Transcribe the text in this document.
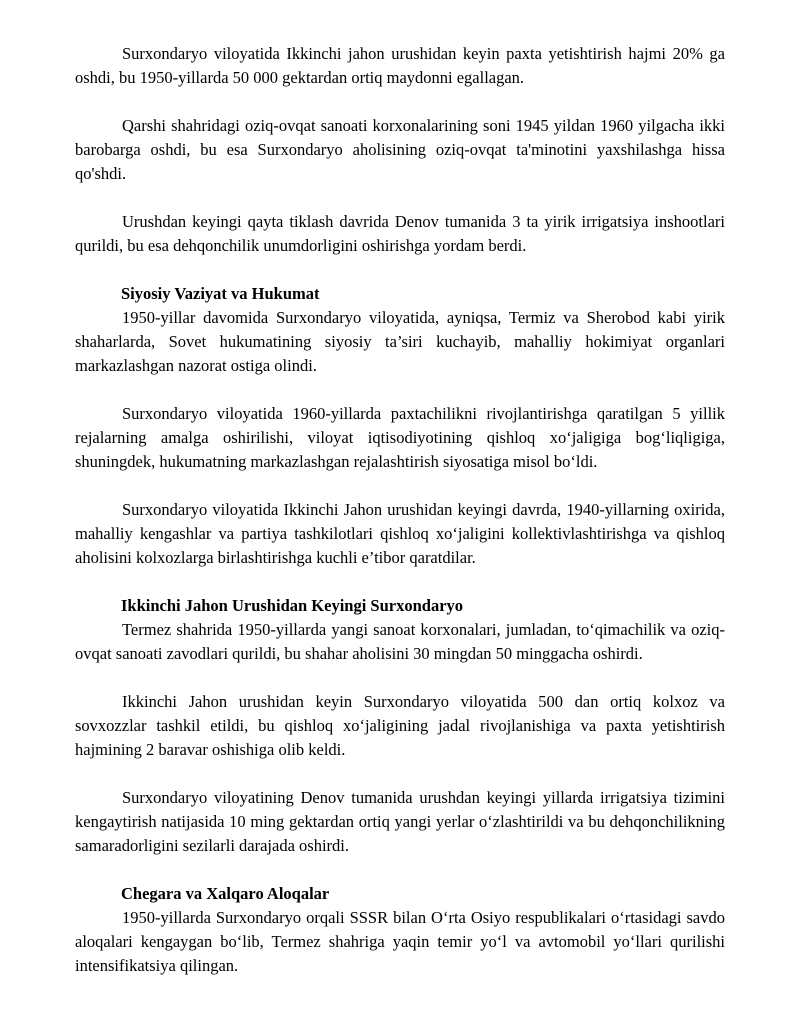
Surxondaryo viloyatida Ikkinchi jahon urushidan keyin paxta yetishtirish hajmi 20% ga oshdi, bu 1950-yillarda 50 000 gektardan ortiq maydonni egallagan.

Qarshi shahridagi oziq-ovqat sanoati korxonalarining soni 1945 yildan 1960 yilgacha ikki barobarga oshdi, bu esa Surxondaryo aholisining oziq-ovqat ta'minotini yaxshilashga hissa qo'shdi.

Urushdan keyingi qayta tiklash davrida Denov tumanida 3 ta yirik irrigatsiya inshootlari qurildi, bu esa dehqonchilik unumdorligini oshirishga yordam berdi.

Siyosiy Vaziyat va Hukumat

1950-yillar davomida Surxondaryo viloyatida, ayniqsa, Termiz va Sherobod kabi yirik shaharlarda, Sovet hukumatining siyosiy ta’siri kuchayib, mahalliy hokimiyat organlari markazlashgan nazorat ostiga olindi.

Surxondaryo viloyatida 1960-yillarda paxtachilikni rivojlantirishga qaratilgan 5 yillik rejalarning amalga oshirilishi, viloyat iqtisodiyotining qishloq xo‘jaligiga bog‘liqligiga, shuningdek, hukumatning markazlashgan rejalashtirish siyosatiga misol bo‘ldi.

Surxondaryo viloyatida Ikkinchi Jahon urushidan keyingi davrda, 1940-yillarning oxirida, mahalliy kengashlar va partiya tashkilotlari qishloq xo‘jaligini kollektivlashtirishga va qishloq aholisini kolxozlarga birlashtirishga kuchli e’tibor qaratdilar.

Ikkinchi Jahon Urushidan Keyingi Surxondaryo

Termez shahrida 1950-yillarda yangi sanoat korxonalari, jumladan, to‘qimachilik va oziq-ovqat sanoati zavodlari qurildi, bu shahar aholisini 30 mingdan 50 minggacha oshirdi.

Ikkinchi Jahon urushidan keyin Surxondaryo viloyatida 500 dan ortiq kolxoz va sovxozzlar tashkil etildi, bu qishloq xo‘jaligining jadal rivojlanishiga va paxta yetishtirish hajmining 2 baravar oshishiga olib keldi.

Surxondaryo viloyatining Denov tumanida urushdan keyingi yillarda irrigatsiya tizimini kengaytirish natijasida 10 ming gektardan ortiq yangi yerlar o‘zlashtirildi va bu dehqonchilikning samaradorligini sezilarli darajada oshirdi.

Chegara va Xalqaro Aloqalar

1950-yillarda Surxondaryo orqali SSSR bilan O‘rta Osiyo respublikalari o‘rtasidagi savdo aloqalari kengaygan bo‘lib, Termez shahriga yaqin temir yo‘l va avtomobil yo‘llari qurilishi intensifikatsiya qilingan.
